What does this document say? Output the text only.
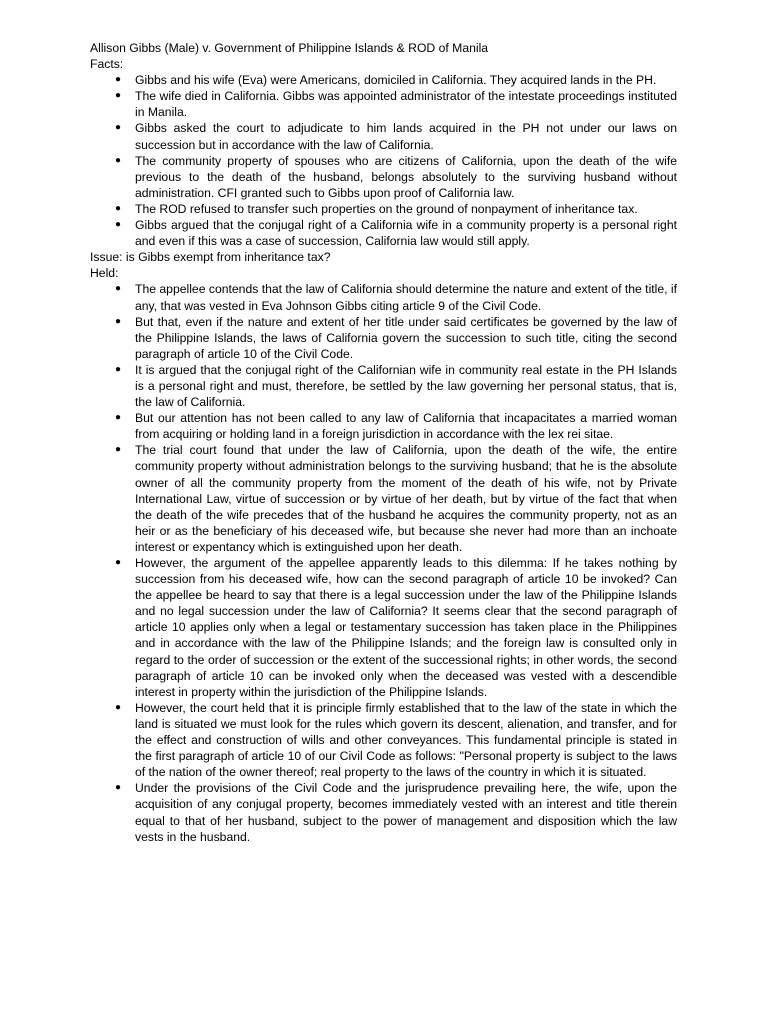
Allison Gibbs (Male) v. Government of Philippine Islands & ROD of Manila

Facts:

● Gibbs and his wife (Eva) were Americans, domiciled in California. They acquired lands in the PH.
● The wife died in California. Gibbs was appointed administrator of the intestate proceedings instituted in Manila.
● Gibbs asked the court to adjudicate to him lands acquired in the PH not under our laws on succession but in accordance with the law of California.
● The community property of spouses who are citizens of California, upon the death of the wife previous to the death of the husband, belongs absolutely to the surviving husband without administration. CFI granted such to Gibbs upon proof of California law.
● The ROD refused to transfer such properties on the ground of nonpayment of inheritance tax.
● Gibbs argued that the conjugal right of a California wife in a community property is a personal right and even if this was a case of succession, California law would still apply.

Issue: is Gibbs exempt from inheritance tax?

Held:

● The appellee contends that the law of California should determine the nature and extent of the title, if any, that was vested in Eva Johnson Gibbs citing article 9 of the Civil Code.
● But that, even if the nature and extent of her title under said certificates be governed by the law of the Philippine Islands, the laws of California govern the succession to such title, citing the second paragraph of article 10 of the Civil Code.
● It is argued that the conjugal right of the Californian wife in community real estate in the PH Islands is a personal right and must, therefore, be settled by the law governing her personal status, that is, the law of California.
● But our attention has not been called to any law of California that incapacitates a married woman from acquiring or holding land in a foreign jurisdiction in accordance with the lex rei sitae.
● The trial court found that under the law of California, upon the death of the wife, the entire community property without administration belongs to the surviving husband; that he is the absolute owner of all the community property from the moment of the death of his wife, not by Private International Law, virtue of succession or by virtue of her death, but by virtue of the fact that when the death of the wife precedes that of the husband he acquires the community property, not as an heir or as the beneficiary of his deceased wife, but because she never had more than an inchoate interest or expentancy which is extinguished upon her death.
● However, the argument of the appellee apparently leads to this dilemma: If he takes nothing by succession from his deceased wife, how can the second paragraph of article 10 be invoked? Can the appellee be heard to say that there is a legal succession under the law of the Philippine Islands and no legal succession under the law of California? It seems clear that the second paragraph of article 10 applies only when a legal or testamentary succession has taken place in the Philippines and in accordance with the law of the Philippine Islands; and the foreign law is consulted only in regard to the order of succession or the extent of the successional rights; in other words, the second paragraph of article 10 can be invoked only when the deceased was vested with a descendible interest in property within the jurisdiction of the Philippine Islands.
● However, the court held that it is principle firmly established that to the law of the state in which the land is situated we must look for the rules which govern its descent, alienation, and transfer, and for the effect and construction of wills and other conveyances. This fundamental principle is stated in the first paragraph of article 10 of our Civil Code as follows: "Personal property is subject to the laws of the nation of the owner thereof; real property to the laws of the country in which it is situated.
● Under the provisions of the Civil Code and the jurisprudence prevailing here, the wife, upon the acquisition of any conjugal property, becomes immediately vested with an interest and title therein equal to that of her husband, subject to the power of management and disposition which the law vests in the husband.
